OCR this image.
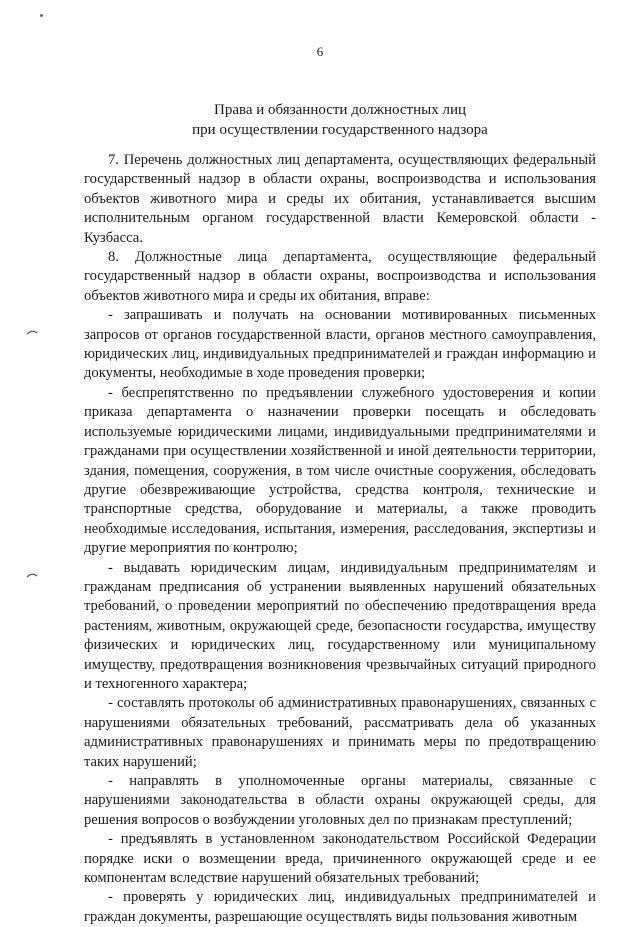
6
Права и обязанности должностных лиц
при осуществлении государственного надзора

7. Перечень должностных лиц департамента, осуществляющих федеральный государственный надзор в области охраны, воспроизводства и использования объектов животного мира и среды их обитания, устанавливается высшим исполнительным органом государственной власти Кемеровской области - Кузбасса.

8. Должностные лица департамента, осуществляющие федеральный государственный надзор в области охраны, воспроизводства и использования объектов животного мира и среды их обитания, вправе:

- запрашивать и получать на основании мотивированных письменных запросов от органов государственной власти, органов местного самоуправления, юридических лиц, индивидуальных предпринимателей и граждан информацию и документы, необходимые в ходе проведения проверки;

- беспрепятственно по предъявлении служебного удостоверения и копии приказа департамента о назначении проверки посещать и обследовать используемые юридическими лицами, индивидуальными предпринимателями и гражданами при осуществлении хозяйственной и иной деятельности территории, здания, помещения, сооружения, в том числе очистные сооружения, обследовать другие обезвреживающие устройства, средства контроля, технические и транспортные средства, оборудование и материалы, а также проводить необходимые исследования, испытания, измерения, расследования, экспертизы и другие мероприятия по контролю;

- выдавать юридическим лицам, индивидуальным предпринимателям и гражданам предписания об устранении выявленных нарушений обязательных требований, о проведении мероприятий по обеспечению предотвращения вреда растениям, животным, окружающей среде, безопасности государства, имуществу физических и юридических лиц, государственному или муниципальному имуществу, предотвращения возникновения чрезвычайных ситуаций природного и техногенного характера;

- составлять протоколы об административных правонарушениях, связанных с нарушениями обязательных требований, рассматривать дела об указанных административных правонарушениях и принимать меры по предотвращению таких нарушений;

- направлять в уполномоченные органы материалы, связанные с нарушениями законодательства в области охраны окружающей среды, для решения вопросов о возбуждении уголовных дел по признакам преступлений;

- предъявлять в установленном законодательством Российской Федерации порядке иски о возмещении вреда, причиненного окружающей среде и ее компонентам вследствие нарушений обязательных требований;

- проверять у юридических лиц, индивидуальных предпринимателей и граждан документы, разрешающие осуществлять виды пользования животным
